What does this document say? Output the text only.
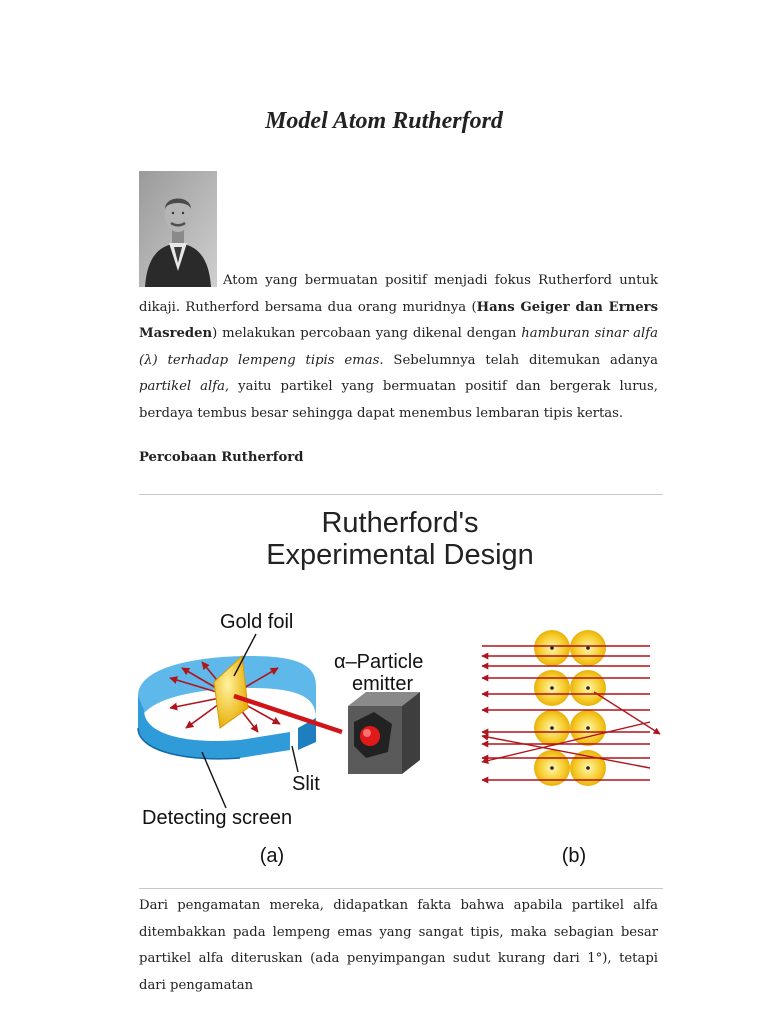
Model Atom Rutherford

Atom yang bermuatan positif menjadi fokus Rutherford untuk dikaji. Rutherford bersama dua orang muridnya (Hans Geiger dan Erners Masreden) melakukan percobaan yang dikenal dengan hamburan sinar alfa (λ) terhadap lempeng tipis emas. Sebelumnya telah ditemukan adanya partikel alfa, yaitu partikel yang bermuatan positif dan bergerak lurus, berdaya tembus besar sehingga dapat menembus lembaran tipis kertas.

Percobaan Rutherford

Rutherford's
Experimental Design
Gold foil
α–Particle
emitter
Slit
Detecting screen
(a)	(b)

Dari pengamatan mereka, didapatkan fakta bahwa apabila partikel alfa ditembakkan pada lempeng emas yang sangat tipis, maka sebagian besar partikel alfa diteruskan (ada penyimpangan sudut kurang dari 1°), tetapi dari pengamatan
